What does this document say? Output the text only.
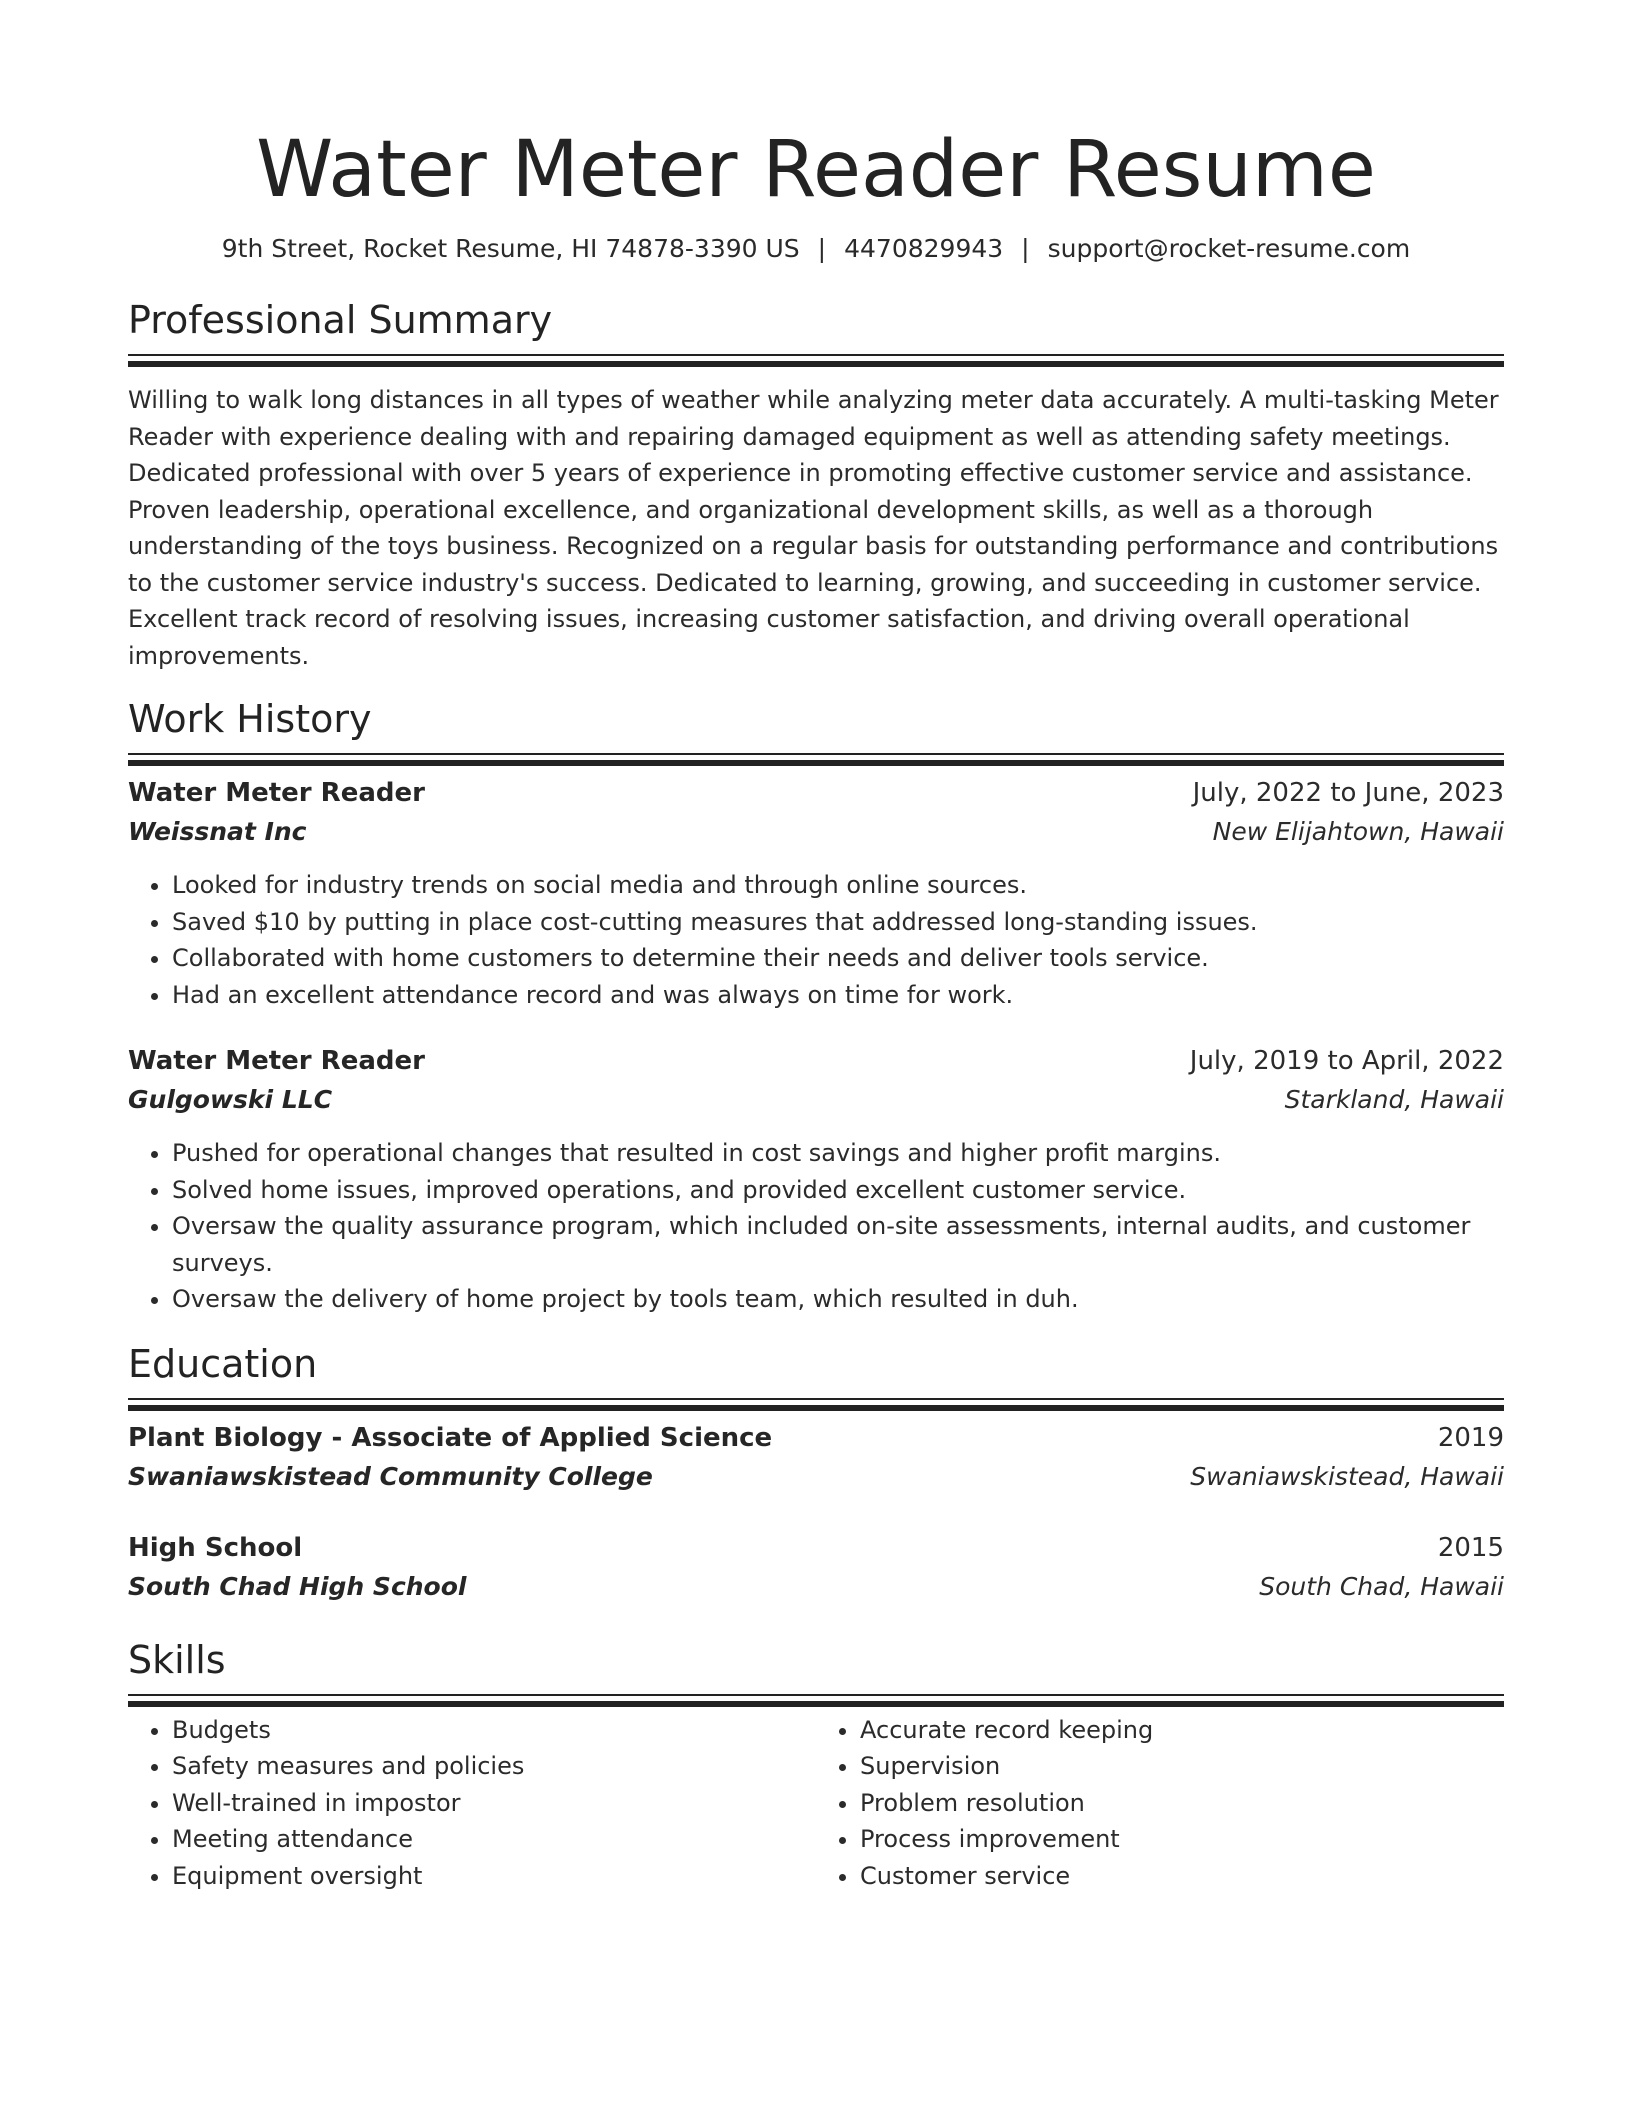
Water Meter Reader Resume
9th Street, Rocket Resume, HI 74878-3390 US | 4470829943 | support@rocket-resume.com
Professional Summary
Willing to walk long distances in all types of weather while analyzing meter data accurately. A multi-tasking Meter Reader with experience dealing with and repairing damaged equipment as well as attending safety meetings. Dedicated professional with over 5 years of experience in promoting effective customer service and assistance. Proven leadership, operational excellence, and organizational development skills, as well as a thorough understanding of the toys business. Recognized on a regular basis for outstanding performance and contributions to the customer service industry's success. Dedicated to learning, growing, and succeeding in customer service. Excellent track record of resolving issues, increasing customer satisfaction, and driving overall operational improvements.
Work History
Water Meter Reader	July, 2022 to June, 2023
Weissnat Inc	New Elijahtown, Hawaii
• Looked for industry trends on social media and through online sources.
• Saved $10 by putting in place cost-cutting measures that addressed long-standing issues.
• Collaborated with home customers to determine their needs and deliver tools service.
• Had an excellent attendance record and was always on time for work.
Water Meter Reader	July, 2019 to April, 2022
Gulgowski LLC	Starkland, Hawaii
• Pushed for operational changes that resulted in cost savings and higher profit margins.
• Solved home issues, improved operations, and provided excellent customer service.
• Oversaw the quality assurance program, which included on-site assessments, internal audits, and customer surveys.
• Oversaw the delivery of home project by tools team, which resulted in duh.
Education
Plant Biology - Associate of Applied Science	2019
Swaniawskistead Community College	Swaniawskistead, Hawaii
High School	2015
South Chad High School	South Chad, Hawaii
Skills
• Budgets
• Safety measures and policies
• Well-trained in impostor
• Meeting attendance
• Equipment oversight
• Accurate record keeping
• Supervision
• Problem resolution
• Process improvement
• Customer service
